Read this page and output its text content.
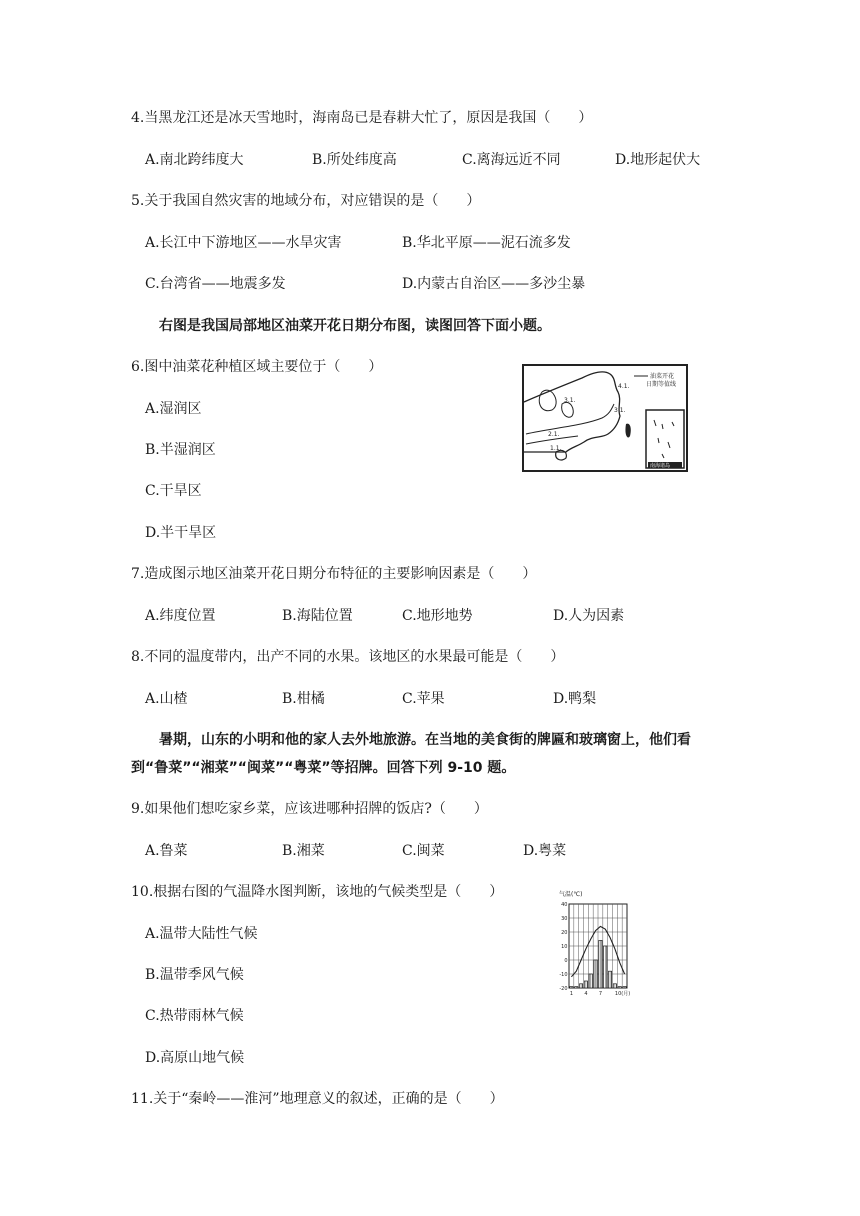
4.当黑龙江还是冰天雪地时，海南岛已是春耕大忙了，原因是我国（　　）
A.南北跨纬度大	B.所处纬度高	C.离海远近不同	D.地形起伏大
5.关于我国自然灾害的地域分布，对应错误的是（　　）
A.长江中下游地区——水旱灾害	B.华北平原——泥石流多发
C.台湾省——地震多发	D.内蒙古自治区——多沙尘暴
右图是我国局部地区油菜开花日期分布图，读图回答下面小题。
6.图中油菜花种植区域主要位于（　　）
A.湿润区
B.半湿润区
C.干旱区
D.半干旱区
油菜开花
日期等值线
4.1.
3.1.
3.1.
2.1.
1.1.
南海诸岛
7.造成图示地区油菜开花日期分布特征的主要影响因素是（　　）
A.纬度位置	B.海陆位置	C.地形地势	D.人为因素
8.不同的温度带内，出产不同的水果。该地区的水果最可能是（　　）
A.山楂	B.柑橘	C.苹果	D.鸭梨
暑期，山东的小明和他的家人去外地旅游。在当地的美食街的牌匾和玻璃窗上，他们看
到“鲁菜”“湘菜”“闽菜”“粤菜”等招牌。回答下列 9-10 题。
9.如果他们想吃家乡菜，应该进哪种招牌的饭店?（　　）
A.鲁菜	B.湘菜	C.闽菜	D.粤菜
10.根据右图的气温降水图判断，该地的气候类型是（　　）
A.温带大陆性气候
B.温带季风气候
C.热带雨林气候
D.高原山地气候
气温(℃)
40
30
20
10
0
-10
-20
1 4 7	10(月)
11.关于“秦岭——淮河”地理意义的叙述，正确的是（　　）
